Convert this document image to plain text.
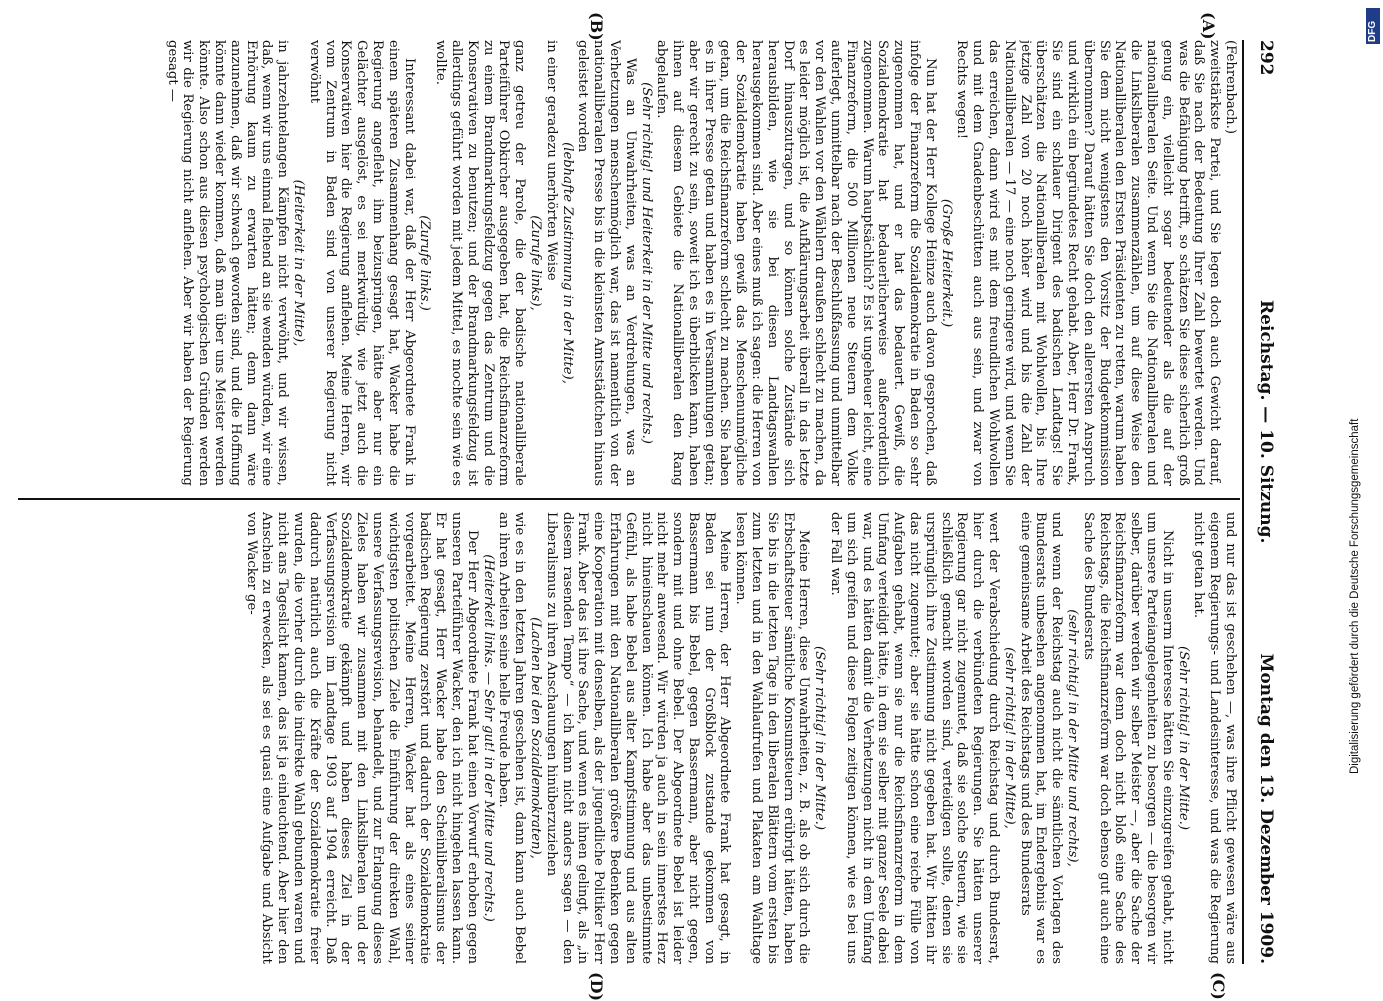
292
Reichstag. — 10. Sitzung.
Montag den 13. Dezember 1909.
(A)
(B)
(C)
(D)

(Fehrenbach.)

zweitstärkste Partei, und Sie legen doch auch Gewicht darauf, daß Sie nach der Bedeutung Ihrer Zahl bewertet werden. Und was die Befähigung betrifft, so schätzen Sie diese sicherlich groß genug ein, vielleicht sogar bedeutender als die auf der nationalliberalen Seite. Und wenn Sie die Nationalliberalen und die Linksliberalen zusammenzählen, um auf diese Weise den Nationalliberalen den Ersten Präsidenten zu retten, warum haben Sie dem nicht wenigstens den Vorsitz der Budgetkommission übernommen? Darauf hätten Sie doch den allerersten Anspruch und wirklich ein begründetes Recht gehabt. Aber, Herr Dr. Frank, Sie sind ein schlauer Dirigent des badischen Landtags! Sie überschätzen die Nationalliberalen mit Wohlwollen, bis Ihre jetzige Zahl von 20 noch höher wird und bis die Zahl der Nationalliberalen — 17 — eine noch geringere wird, und wenn Sie das erreichen, dann wird es mit dem freundlichen Wohlwollen und mit dem Gnadenbeschütten auch aus sein, und zwar von Rechts wegen!

(Große Heiterkeit.)

Nun hat der Herr Kollege Heinze auch davon gesprochen, daß infolge der Finanzreform die Sozialdemokratie in Baden so sehr zugenommen hat, und er hat das bedauert. Gewiß, die Sozialdemokratie hat bedauerlicherweise außerordentlich zugenommen. Warum hauptsächlich? Es ist ungeheuer leicht, eine Finanzreform, die 500 Millionen neue Steuern dem Volke auferlegt, unmittelbar nach der Beschlußfassung und unmittelbar vor den Wahlen vor den Wählern draußen schlecht zu machen, da es leider möglich ist, die Aufklärungsarbeit überall in das letzte Dorf hinauszutragen, und so können solche Zustände sich herausbilden, wie sie bei diesen Landtagswahlen herausgekommen sind. Aber eines muß ich sagen: die Herren von der Sozialdemokratie haben gewiß das Menschenunmögliche getan, um die Reichsfinanzreform schlecht zu machen. Sie haben es in ihrer Presse getan und haben es in Versammlungen getan; aber wir gerecht zu sein, soweit ich es überblicken kann, haben ihnen auf diesem Gebiete die Nationalliberalen den Rang abgelaufen.

(Sehr richtig! und Heiterkeit in der Mitte und rechts.)

Was an Unwahrheiten, was an Verdrehungen, was an Verhetzungen menschenmöglich war, das ist namentlich von der nationalliberalen Presse bis in die kleinsten Amtsstädtchen hinaus geleistet worden

(lebhafte Zustimmung in der Mitte),

in einer geradezu unerhörten Weise

(Zurufe links),

ganz getreu der Parole, die der badische nationalliberale Parteiführer Obkircher ausgegeben hat, die Reichsfinanzreform zu einem Brandmarkungsfeldzug gegen das Zentrum und die Konservativen zu benutzen; und der Brandmarkungsfeldzug ist allerdings geführt worden mit jedem Mittel, es mochte sein wie es wollte.

(Zurufe links.)

Interessant dabei war, daß der Herr Abgeordnete Frank in einem späteren Zusammenhang gesagt hat, Wacker habe die Regierung angefleht, ihm beizuspringen, hätte aber nur ein Gelächter ausgelöst, es sei merkwürdig, wie jetzt auch die Konservativen hier die Regierung anflehen. Meine Herren, wir vom Zentrum in Baden sind von unserer Regierung nicht verwöhnt

(Heiterkeit in der Mitte),

in jahrzehntelangen Kämpfen nicht verwöhnt, und wir wissen, daß, wenn wir uns einmal flehend an sie wenden würden, wir eine Erhörung kaum zu erwarten hätten; denn dann wäre anzunehmen, daß wir schwach geworden sind, und die Hoffnung könnte dann wieder kommen, daß man über uns Meister werden könnte. Also schon aus diesen psychologischen Gründen werden wir die Regierung nicht anflehen. Aber wir haben der Regierung gesagt —

und nur das ist geschehen —, was ihre Pflicht gewesen wäre aus eigenem Regierungs- und Landesinteresse, und was die Regierung nicht getan hat.

(Sehr richtig! in der Mitte.)

Nicht in unserm Interesse hätten Sie einzugreifen gehabt, nicht um unsere Parteiangelegenheiten zu besorgen — die besorgen wir selber, darüber werden wir selber Meister —, aber die Sache der Reichsfinanzreform war denn doch nicht bloß eine Sache des Reichstags, die Reichsfinanzreform war doch ebenso gut auch eine Sache des Bundesrats

(sehr richtig! in der Mitte und rechts),

und wenn der Reichstag auch nicht die sämtlichen Vorlagen des Bundesrats unbesehen angenommen hat, im Endergebnis war es eine gemeinsame Arbeit des Reichstags und des Bundesrats

(sehr richtig! in der Mitte),

wert der Verabschiedung durch Reichstag und durch Bundesrat, hier durch die verbündeten Regierungen. Sie hätten unserer Regierung gar nicht zugemutet, daß sie solche Steuern, wie sie schließlich gemacht worden sind, verteidigen sollte, denen sie ursprünglich ihre Zustimmung nicht gegeben hat. Wir hätten ihr das nicht zugemutet; aber sie hätte schon eine reiche Fülle von Aufgaben gehabt, wenn sie nur die Reichsfinanzreform in dem Umfang verteidigt hätte, in dem sie selber mit ganzer Seele dabei war, und es hätten damit die Verhetzungen nicht in dem Umfang um sich greifen und diese Folgen zeitigen können, wie es bei uns der Fall war.

(Sehr richtig! in der Mitte.)

Meine Herren, diese Unwahrheiten, z. B. als ob sich durch die Erbschaftsteuer sämtliche Konsumsteuern erübrigt hätten, haben Sie bis in die letzten Tage in den liberalen Blättern vom ersten bis zum letzten und in den Wahlaufrufen und Plakaten am Wahltage lesen können.

Meine Herren, der Herr Abgeordnete Frank hat gesagt, in Baden sei nun der Großblock zustande gekommen von Bassermann bis Bebel, gegen Bassermann, aber nicht gegen, sondern mit und ohne Bebel. Der Abgeordnete Bebel ist leider nicht mehr anwesend. Wir würden ja auch in sein innerstes Herz nicht hineinschauen können. Ich habe aber das unbestimmte Gefühl, als habe Bebel aus alter Kampfstimmung und aus alten Erfahrungen mit den Nationalliberalen größere Bedenken gegen eine Kooperation mit denselben, als der jugendliche Politiker Herr Frank. Aber das ist ihre Sache, und wenn es ihnen gelingt, als „in diesem rasenden Tempo“ — ich kann nicht anders sagen — den Liberalismus zu ihren Anschauungen hinüberzuziehen

(Lachen bei den Sozialdemokraten),

wie es in den letzten Jahren geschehen ist, dann kann auch Bebel an ihren Arbeiten seine helle Freude haben.

(Heiterkeit links. — Sehr gut! in der Mitte und rechts.)

Der Herr Abgeordnete Frank hat einen Vorwurf erhoben gegen unseren Parteiführer Wacker, den ich nicht hingehen lassen kann. Er hat gesagt, Herr Wacker habe den Scheinliberalismus der badischen Regierung zerstört und dadurch der Sozialdemokratie vorgearbeitet. Meine Herren, Wacker hat als eines seiner wichtigsten politischen Ziele die Einführung der direkten Wahl, unsere Verfassungsrevision, behandelt, und zur Erlangung dieses Zieles haben wir zusammen mit den Linksliberalen und der Sozialdemokratie gekämpft und haben dieses Ziel in der Verfassungsrevision im Landtage 1903 auf 1904 erreicht. Daß dadurch natürlich auch die Kräfte der Sozialdemokratie freier wurden, die vorher durch die indirekte Wahl gebunden waren und nicht ans Tageslicht kamen, das ist ja einleuchtend. Aber hier den Anschein zu erwecken, als sei es quasi eine Aufgabe und Absicht von Wacker ge-	Digitalisierung gefördert durch die Deutsche Forschungsgemeinschaft
DFG
